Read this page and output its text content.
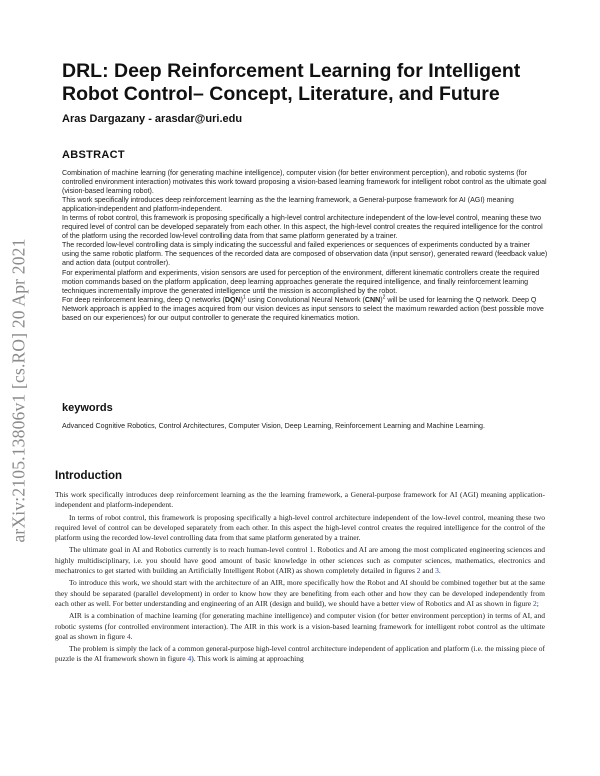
arXiv:2105.13806v1 [cs.RO] 20 Apr 2021
DRL: Deep Reinforcement Learning for Intelligent Robot Control– Concept, Literature, and Future
Aras Dargazany - arasdar@uri.edu
ABSTRACT

Combination of machine learning (for generating machine intelligence), computer vision (for better environment perception), and robotic systems (for controlled environment interaction) motivates this work toward proposing a vision-based learning framework for intelligent robot control as the ultimate goal (vision-based learning robot).

This work specifically introduces deep reinforcement learning as the the learning framework, a General-purpose framework for AI (AGI) meaning application-independent and platform-independent.

In terms of robot control, this framework is proposing specifically a high-level control architecture independent of the low-level control, meaning these two required level of control can be developed separately from each other. In this aspect, the high-level control creates the required intelligence for the control of the platform using the recorded low-level controlling data from that same platform generated by a trainer.

The recorded low-level controlling data is simply indicating the successful and failed experiences or sequences of experiments conducted by a trainer using the same robotic platform. The sequences of the recorded data are composed of observation data (input sensor), generated reward (feedback value) and action data (output controller).

For experimental platform and experiments, vision sensors are used for perception of the environment, different kinematic controllers create the required motion commands based on the platform application, deep learning approaches generate the required intelligence, and finally reinforcement learning techniques incrementally improve the generated intelligence until the mission is accomplished by the robot.

For deep reinforcement learning, deep Q networks (DQN)$^1$ using Convolutional Neural Network (CNN)$^2$ will be used for learning the Q network. Deep Q Network approach is applied to the images acquired from our vision devices as input sensors to select the maximum rewarded action (best possible move based on our experiences) for our output controller to generate the required kinematics motion.

keywords
Advanced Cognitive Robotics, Control Architectures, Computer Vision, Deep Learning, Reinforcement Learning and Machine Learning.
Introduction

This work specifically introduces deep reinforcement learning as the the learning framework, a General-purpose framework for AI (AGI) meaning application-independent and platform-independent.

In terms of robot control, this framework is proposing specifically a high-level control architecture independent of the low-level control, meaning these two required level of control can be developed separately from each other. In this aspect the high-level control creates the required intelligence for the control of the platform using the recorded low-level controlling data from that same platform generated by a trainer.

The ultimate goal in AI and Robotics currently is to reach human-level control 1. Robotics and AI are among the most complicated engineering sciences and highly multidisciplinary, i.e. you should have good amount of basic knowledge in other sciences such as computer sciences, mathematics, electronics and mechatronics to get started with building an Artificially Intelligent Robot (AIR) as shown completely detailed in figures 2 and 3.

To introduce this work, we should start with the architecture of an AIR, more specifically how the Robot and AI should be combined together but at the same they should be separated (parallel development) in order to know how they are benefiting from each other and how they can be developed independently from each other as well. For better understanding and engineering of an AIR (design and build), we should have a better view of Robotics and AI as shown in figure 2;

AIR is a combination of machine learning (for generating machine intelligence) and computer vision (for better environment perception) in terms of AI, and robotic systems (for controlled environment interaction). The AIR in this work is a vision-based learning framework for intelligent robot control as the ultimate goal as shown in figure 4.

The problem is simply the lack of a common general-purpose high-level control architecture independent of application and platform (i.e. the missing piece of puzzle is the AI framework shown in figure 4). This work is aiming at approaching
